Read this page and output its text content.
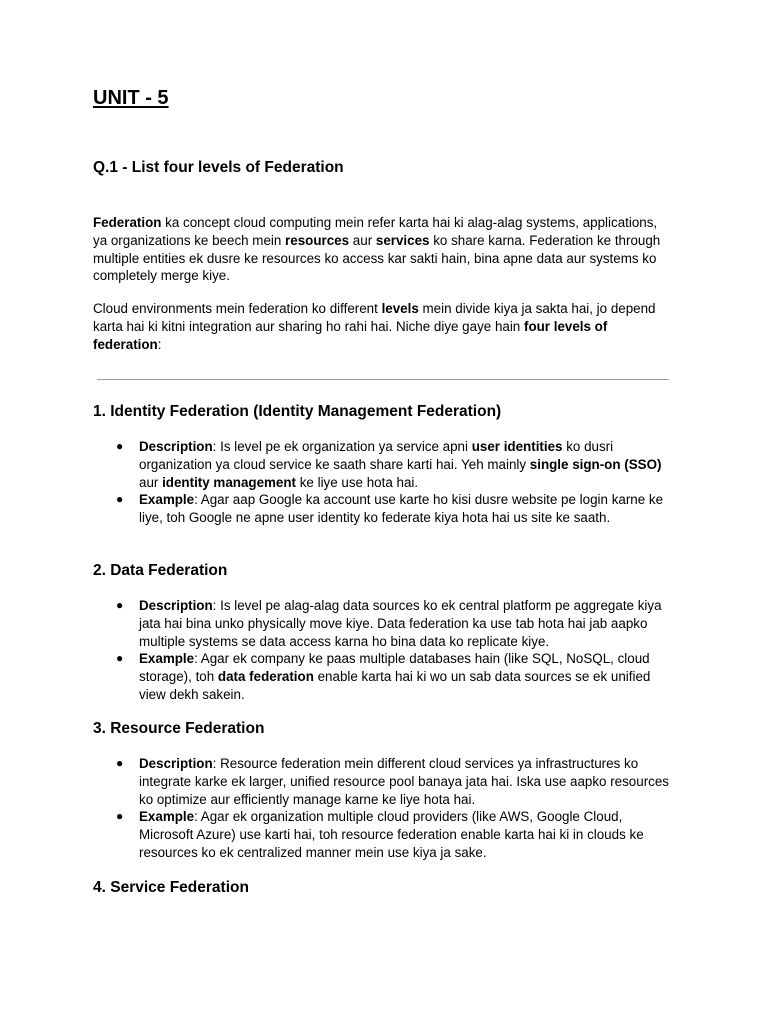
UNIT - 5
Q.1 - List four levels of Federation

Federation ka concept cloud computing mein refer karta hai ki alag-alag systems, applications, ya organizations ke beech mein resources aur services ko share karna. Federation ke through multiple entities ek dusre ke resources ko access kar sakti hain, bina apne data aur systems ko completely merge kiye.

Cloud environments mein federation ko different levels mein divide kiya ja sakta hai, jo depend karta hai ki kitni integration aur sharing ho rahi hai. Niche diye gaye hain four levels of federation:

1. Identity Federation (Identity Management Federation)
● Description: Is level pe ek organization ya service apni user identities ko dusri organization ya cloud service ke saath share karti hai. Yeh mainly single sign-on (SSO) aur identity management ke liye use hota hai.
● Example: Agar aap Google ka account use karte ho kisi dusre website pe login karne ke liye, toh Google ne apne user identity ko federate kiya hota hai us site ke saath.
2. Data Federation
● Description: Is level pe alag-alag data sources ko ek central platform pe aggregate kiya jata hai bina unko physically move kiye. Data federation ka use tab hota hai jab aapko multiple systems se data access karna ho bina data ko replicate kiye.
● Example: Agar ek company ke paas multiple databases hain (like SQL, NoSQL, cloud storage), toh data federation enable karta hai ki wo un sab data sources se ek unified view dekh sakein.
3. Resource Federation
● Description: Resource federation mein different cloud services ya infrastructures ko integrate karke ek larger, unified resource pool banaya jata hai. Iska use aapko resources ko optimize aur efficiently manage karne ke liye hota hai.
● Example: Agar ek organization multiple cloud providers (like AWS, Google Cloud, Microsoft Azure) use karti hai, toh resource federation enable karta hai ki in clouds ke resources ko ek centralized manner mein use kiya ja sake.
4. Service Federation
